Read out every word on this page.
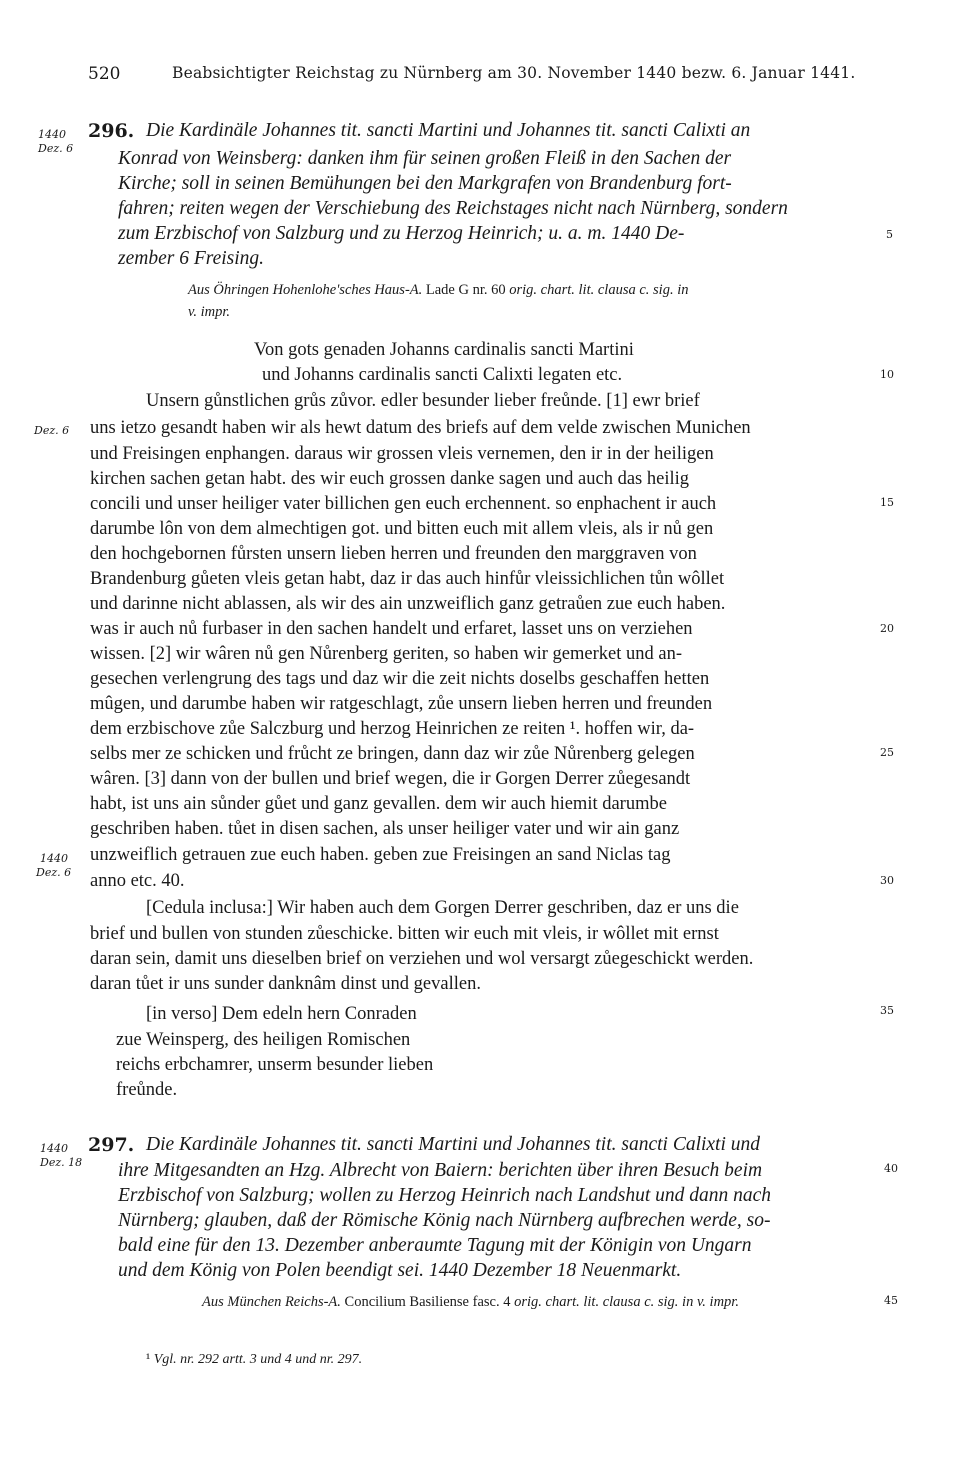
520	Beabsichtigter Reichstag zu Nürnberg am 30. November 1440 bezw. 6. Januar 1441.
1440
Dez. 6
296. Die Kardinäle Johannes tit. sancti Martini und Johannes tit. sancti Calixti an
Konrad von Weinsberg: danken ihm für seinen großen Fleiß in den Sachen der
Kirche; soll in seinen Bemühungen bei den Markgrafen von Brandenburg fort-
fahren; reiten wegen der Verschiebung des Reichstages nicht nach Nürnberg, sondern
zum Erzbischof von Salzburg und zu Herzog Heinrich; u. a. m. 1440 De-
zember 6 Freising.
Aus Öhringen Hohenlohe'sches Haus-A. Lade G nr. 60 orig. chart. lit. clausa c. sig. in
v. impr.
Von gots genaden Johanns cardinalis sancti Martini
und Johanns cardinalis sancti Calixti legaten etc.
Unsern gůnstlichen grůs zůvor. edler besunder lieber freůnde. [1] ewr brief
Dez. 6 uns ietzo gesandt haben wir als hewt datum des briefs auf dem velde zwischen Munichen
und Freisingen enphangen. daraus wir grossen vleis vernemen, den ir in der heiligen
kirchen sachen getan habt. des wir euch grossen danke sagen und auch das heilig
concili und unser heiliger vater billichen gen euch erchennent. so enphachent ir auch
darumbe lôn von dem almechtigen got. und bitten euch mit allem vleis, als ir nů gen
den hochgebornen fůrsten unsern lieben herren und freunden den marggraven von
Brandenburg gůeten vleis getan habt, daz ir das auch hinfůr vleissichlichen tůn wôllet
und darinne nicht ablassen, als wir des ain unzweiflich ganz getraůen zue euch haben.
was ir auch nů furbaser in den sachen handelt und erfaret, lasset uns on verziehen
wissen. [2] wir wâren nů gen Nůrenberg geriten, so haben wir gemerket und an-
gesechen verlengrung des tags und daz wir die zeit nichts doselbs geschaffen hetten
mûgen, und darumbe haben wir ratgeschlagt, zůe unsern lieben herren und freunden
dem erzbischove zůe Salczburg und herzog Heinrichen ze reiten ¹. hoffen wir, da-
selbs mer ze schicken und frůcht ze bringen, dann daz wir zůe Nůrenberg gelegen
wâren. [3] dann von der bullen und brief wegen, die ir Gorgen Derrer zůegesandt
habt, ist uns ain sůnder gůet und ganz gevallen. dem wir auch hiemit darumbe
geschriben haben. tůet in disen sachen, als unser heiliger vater und wir ain ganz
1440
Dez. 6
unzweiflich getrauen zue euch haben. geben zue Freisingen an sand Niclas tag
anno etc. 40.
[Cedula inclusa:] Wir haben auch dem Gorgen Derrer geschriben, daz er uns die
brief und bullen von stunden zůeschicke. bitten wir euch mit vleis, ir wôllet mit ernst
daran sein, damit uns dieselben brief on verziehen und wol versargt zůegeschickt werden.
daran tůet ir uns sunder danknâm dinst und gevallen.
[in verso] Dem edeln hern Conraden
zue Weinsperg, des heiligen Romischen
reichs erbchamrer, unserm besunder lieben
freůnde.
1440
Dez. 18
297. Die Kardinäle Johannes tit. sancti Martini und Johannes tit. sancti Calixti und
ihre Mitgesandten an Hzg. Albrecht von Baiern: berichten über ihren Besuch beim
Erzbischof von Salzburg; wollen zu Herzog Heinrich nach Landshut und dann nach
Nürnberg; glauben, daß der Römische König nach Nürnberg aufbrechen werde, so-
bald eine für den 13. Dezember anberaumte Tagung mit der Königin von Ungarn
und dem König von Polen beendigt sei. 1440 Dezember 18 Neuenmarkt.
Aus München Reichs-A. Concilium Basiliense fasc. 4 orig. chart. lit. clausa c. sig. in v. impr.
5
10
15
20
25
30
35
40
45
¹ Vgl. nr. 292 artt. 3 und 4 und nr. 297.
